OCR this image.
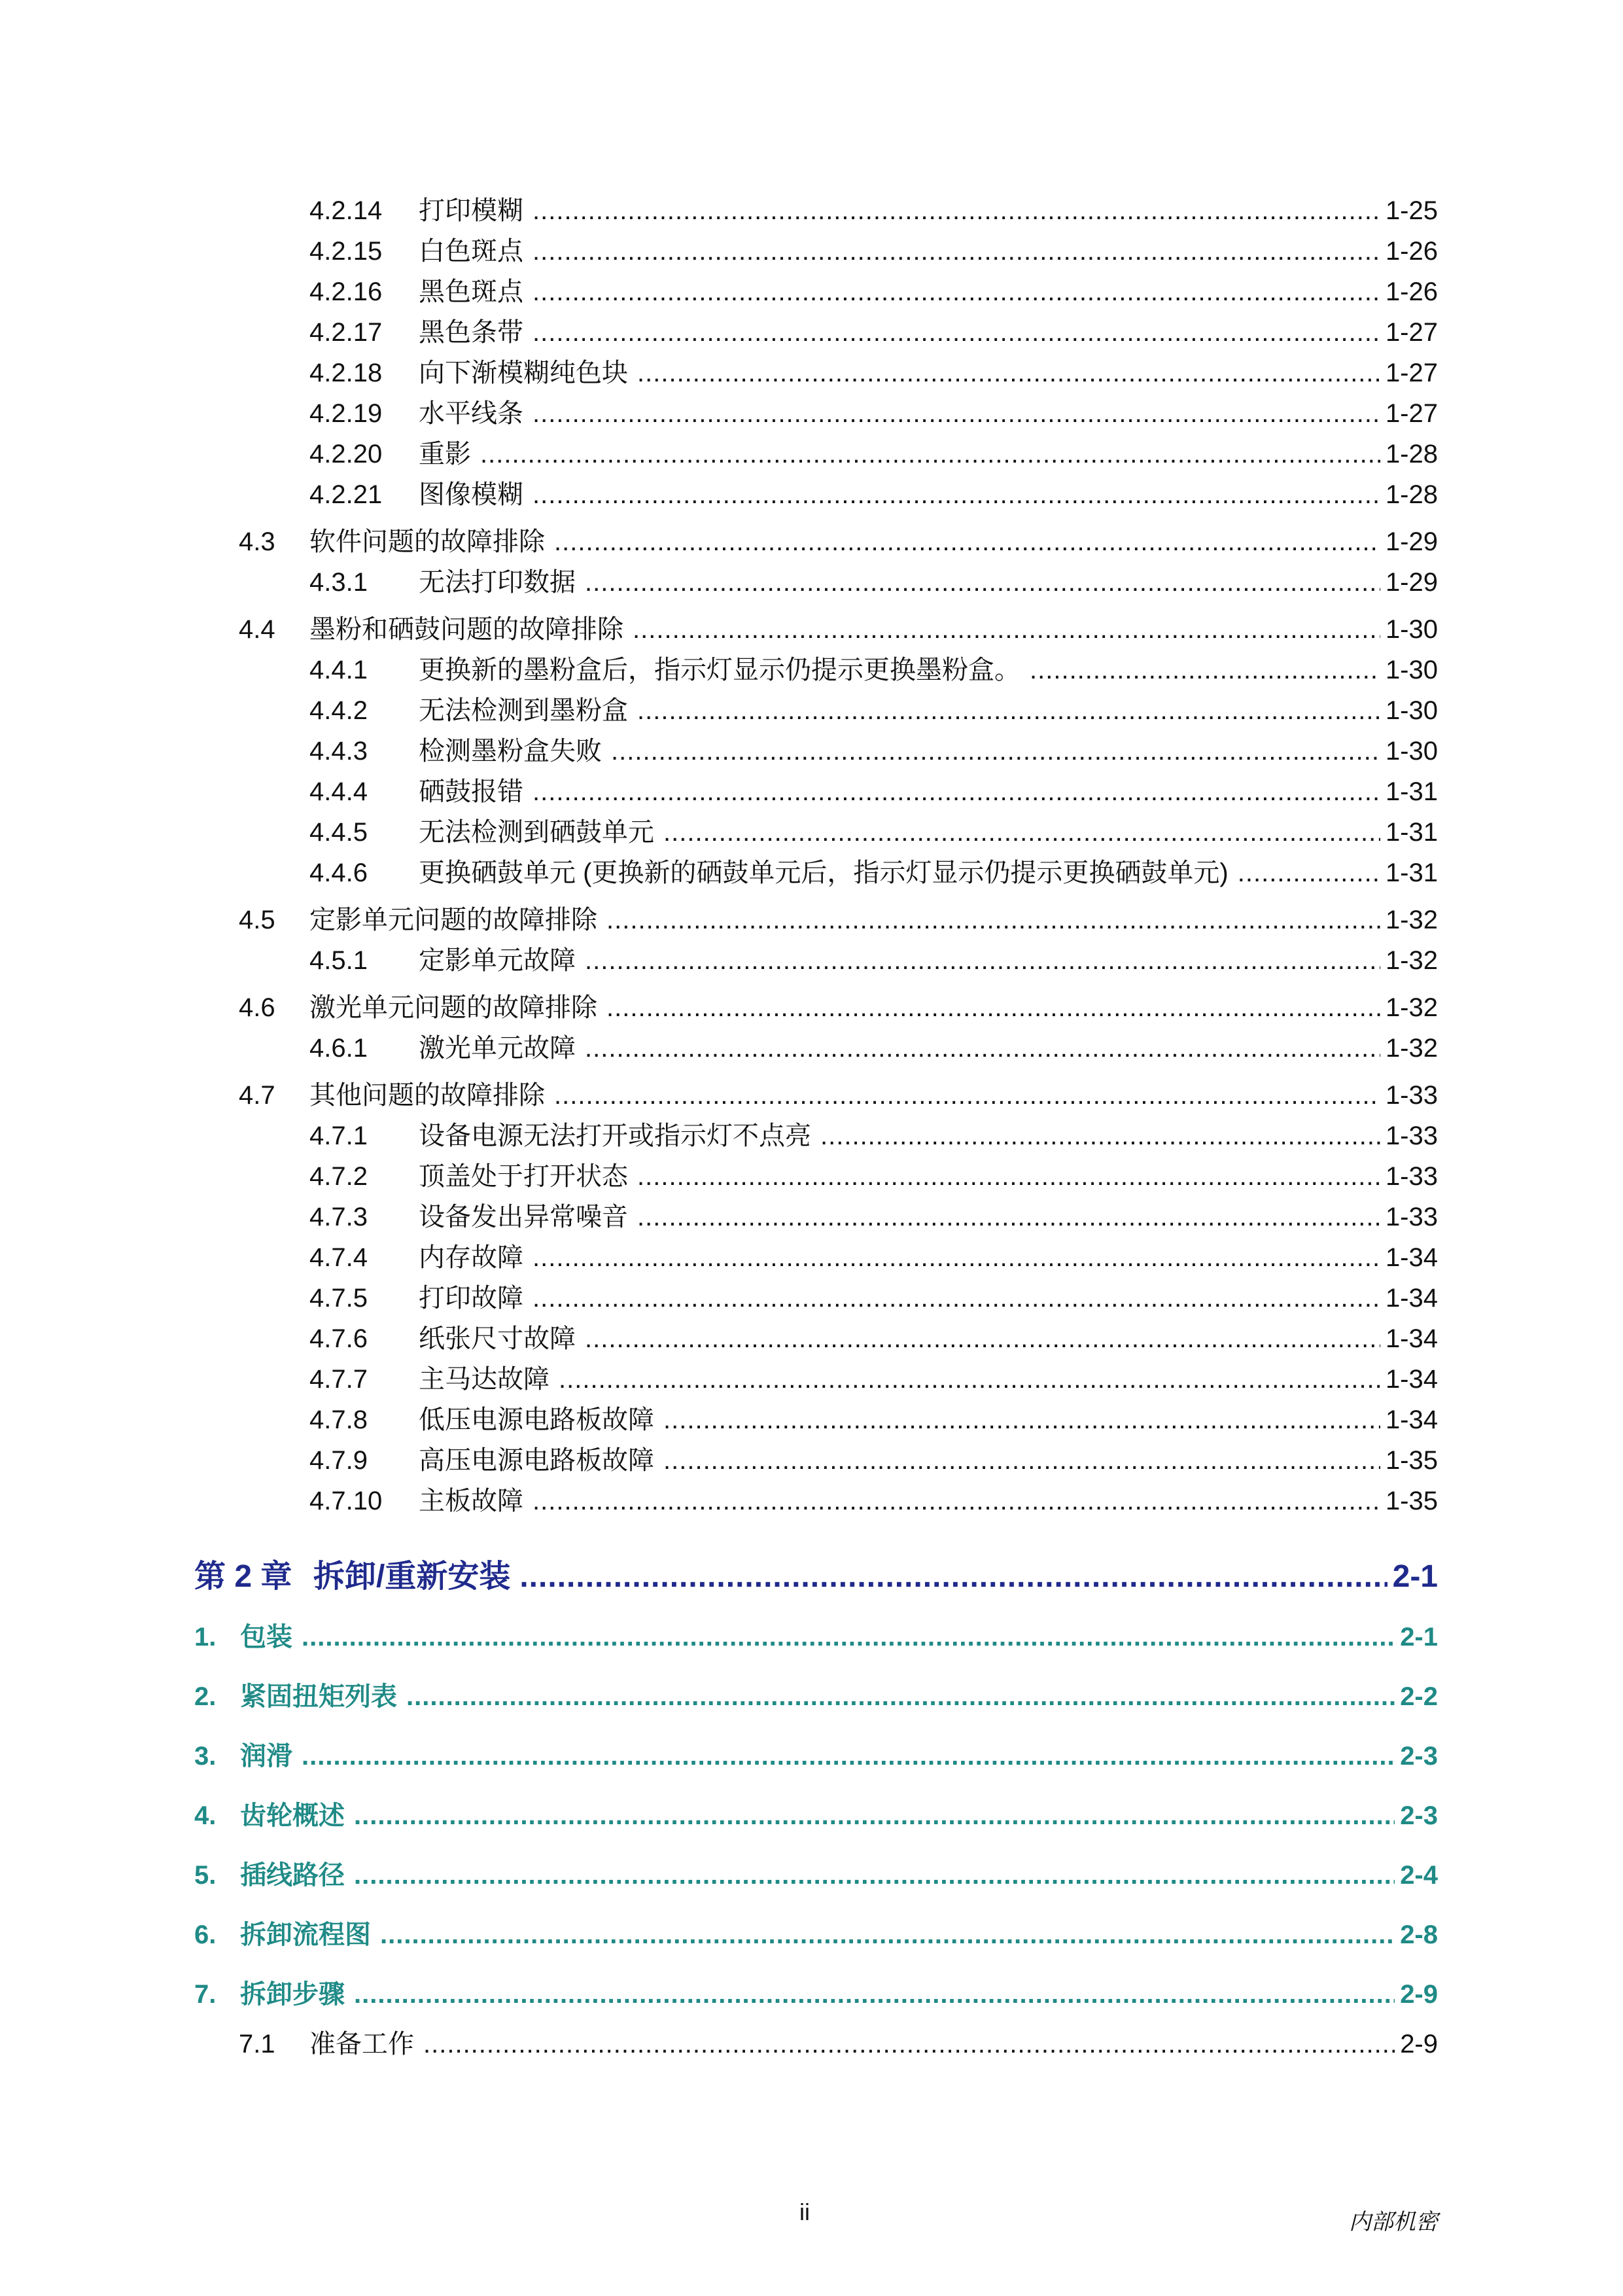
4.2.14	打印模糊 .....	1-25
4.2.15	白色斑点 .....	1-26
4.2.16	黑色斑点 .....	1-26
4.2.17	黑色条带 .....	1-27
4.2.18	向下渐模糊纯色块 .....	1-27
4.2.19	水平线条 .....	1-27
4.2.20	重影 .....	1-28
4.2.21	图像模糊 .....	1-28
4.3	软件问题的故障排除 .....	1-29
4.3.1	无法打印数据 .....	1-29
4.4	墨粉和硒鼓问题的故障排除 .....	1-30
4.4.1	更换新的墨粉盒后，指示灯显示仍提示更换墨粉盒。 .....	1-30
4.4.2	无法检测到墨粉盒 .....	1-30
4.4.3	检测墨粉盒失败 .....	1-30
4.4.4	硒鼓报错 .....	1-31
4.4.5	无法检测到硒鼓单元 .....	1-31
4.4.6	更换硒鼓单元 (更换新的硒鼓单元后，指示灯显示仍提示更换硒鼓单元) .....	1-31
4.5	定影单元问题的故障排除 .....	1-32
4.5.1	定影单元故障 .....	1-32
4.6	激光单元问题的故障排除 .....	1-32
4.6.1	激光单元故障 .....	1-32
4.7	其他问题的故障排除 .....	1-33
4.7.1	设备电源无法打开或指示灯不点亮 .....	1-33
4.7.2	顶盖处于打开状态 .....	1-33
4.7.3	设备发出异常噪音 .....	1-33
4.7.4	内存故障 .....	1-34
4.7.5	打印故障 .....	1-34
4.7.6	纸张尺寸故障 .....	1-34
4.7.7	主马达故障 .....	1-34
4.7.8	低压电源电路板故障 .....	1-34
4.7.9	高压电源电路板故障 .....	1-35
4.7.10	主板故障 .....	1-35
第 2 章 拆卸/重新安装 .....	2-1
1. 包装 .....	2-1
2. 紧固扭矩列表 .....	2-2
3. 润滑 .....	2-3
4. 齿轮概述 .....	2-3
5. 插线路径 .....	2-4
6. 拆卸流程图 .....	2-8
7. 拆卸步骤 .....	2-9
7.1	准备工作 .....	2-9
ii	内部机密
